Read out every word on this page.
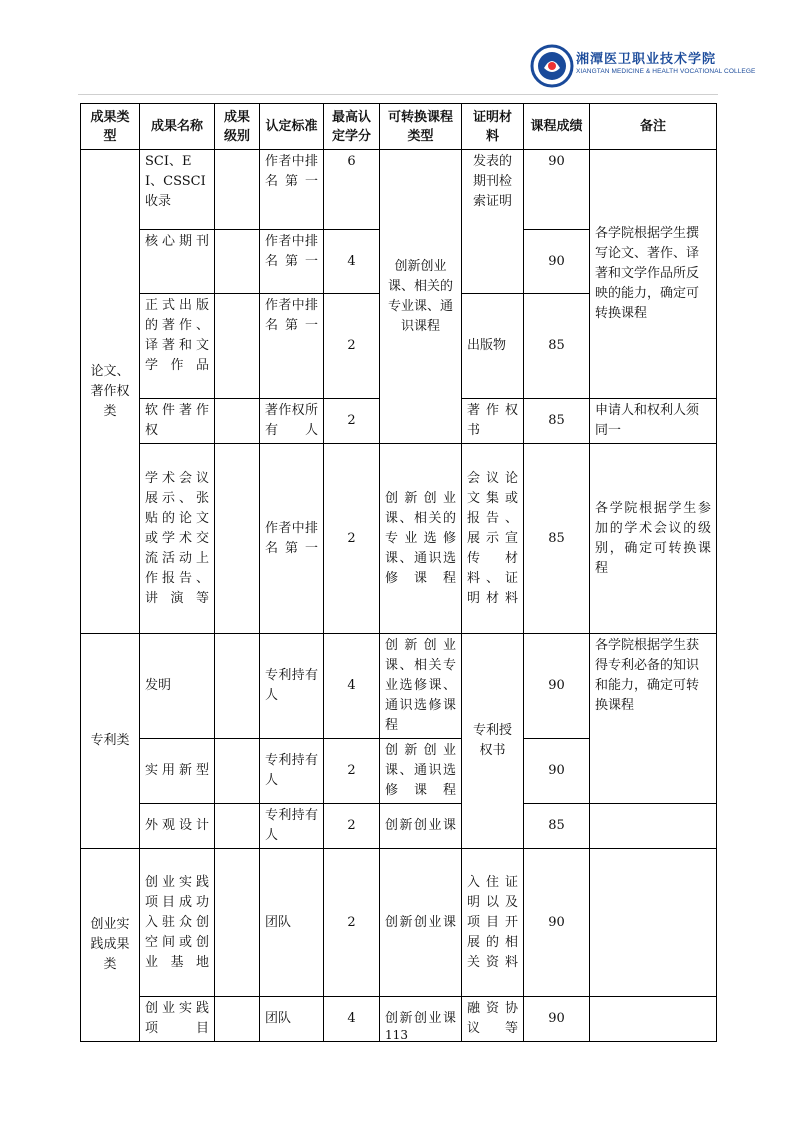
湘潭医卫职业技术学院
XIANGTAN MEDICINE & HEALTH VOCATIONAL COLLEGE
成果类型	成果名称	成果级别	认定标准	最高认定学分	可转换课程类型	证明材料	课程成绩	备注
论文、著作权类	SCI、EI、CSSCI收录		作者中排名第一	6	创新创业课、相关的专业课、通识课程	发表的期刊检索证明	90	各学院根据学生撰写论文、著作、译著和文学作品所反映的能力，确定可转换课程
	核心期刊		作者中排名第一	4			90	
	正式出版的著作、译著和文学作品		作者中排名第一	2		出版物	85	
	软件著作权		著作权所有人	2		著作权书	85	申请人和权利人须同一
	学术会议展示、张贴的论文或学术交流活动上作报告、讲演等		作者中排名第一	2	创新创业课、相关的专业选修课、通识选修课程	会议论文集或报告、展示宣传材料、证明材料	85	各学院根据学生参加的学术会议的级别，确定可转换课程
专利类	发明		专利持有人	4	创新创业课、相关专业选修课、通识选修课程	专利授权书	90	各学院根据学生获得专利必备的知识和能力，确定可转换课程
	实用新型		专利持有人	2	创新创业课、通识选修课程		90	
	外观设计		专利持有人	2	创新创业课		85	
创业实践成果类	创业实践项目成功入驻众创空间或创业基地		团队	2	创新创业课	入住证明以及项目开展的相关资料	90	
	创业实践项目		团队	4	创新创业课	融资协议等	90	
113
